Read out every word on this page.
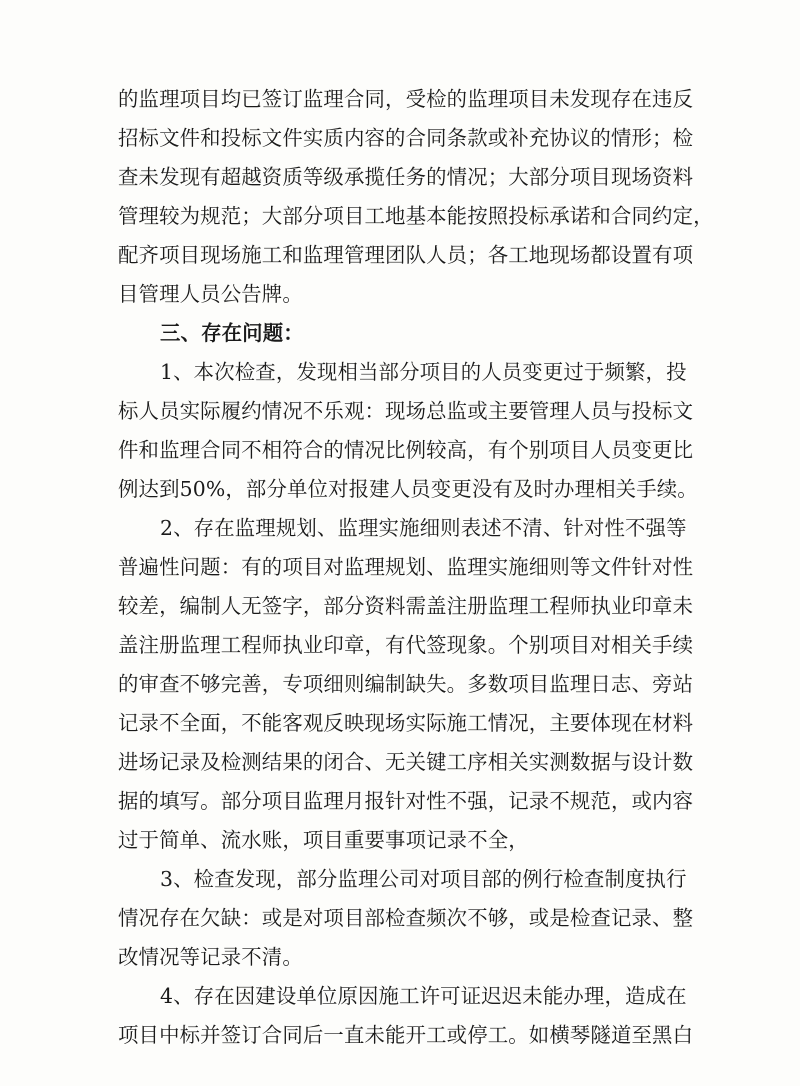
的监理项目均已签订监理合同，受检的监理项目未发现存在违反
招标文件和投标文件实质内容的合同条款或补充协议的情形；检
查未发现有超越资质等级承揽任务的情况；大部分项目现场资料
管理较为规范；大部分项目工地基本能按照投标承诺和合同约定，
配齐项目现场施工和监理管理团队人员；各工地现场都设置有项
目管理人员公告牌。
三、存在问题：
1、本次检查，发现相当部分项目的人员变更过于频繁，投
标人员实际履约情况不乐观：现场总监或主要管理人员与投标文
件和监理合同不相符合的情况比例较高，有个别项目人员变更比
例达到50%，部分单位对报建人员变更没有及时办理相关手续。
2、存在监理规划、监理实施细则表述不清、针对性不强等
普遍性问题：有的项目对监理规划、监理实施细则等文件针对性
较差，编制人无签字，部分资料需盖注册监理工程师执业印章未
盖注册监理工程师执业印章，有代签现象。个别项目对相关手续
的审查不够完善，专项细则编制缺失。多数项目监理日志、旁站
记录不全面，不能客观反映现场实际施工情况，主要体现在材料
进场记录及检测结果的闭合、无关键工序相关实测数据与设计数
据的填写。部分项目监理月报针对性不强，记录不规范，或内容
过于简单、流水账，项目重要事项记录不全，
3、检查发现，部分监理公司对项目部的例行检查制度执行
情况存在欠缺：或是对项目部检查频次不够，或是检查记录、整
改情况等记录不清。
4、存在因建设单位原因施工许可证迟迟未能办理，造成在
项目中标并签订合同后一直未能开工或停工。如横琴隧道至黑白
